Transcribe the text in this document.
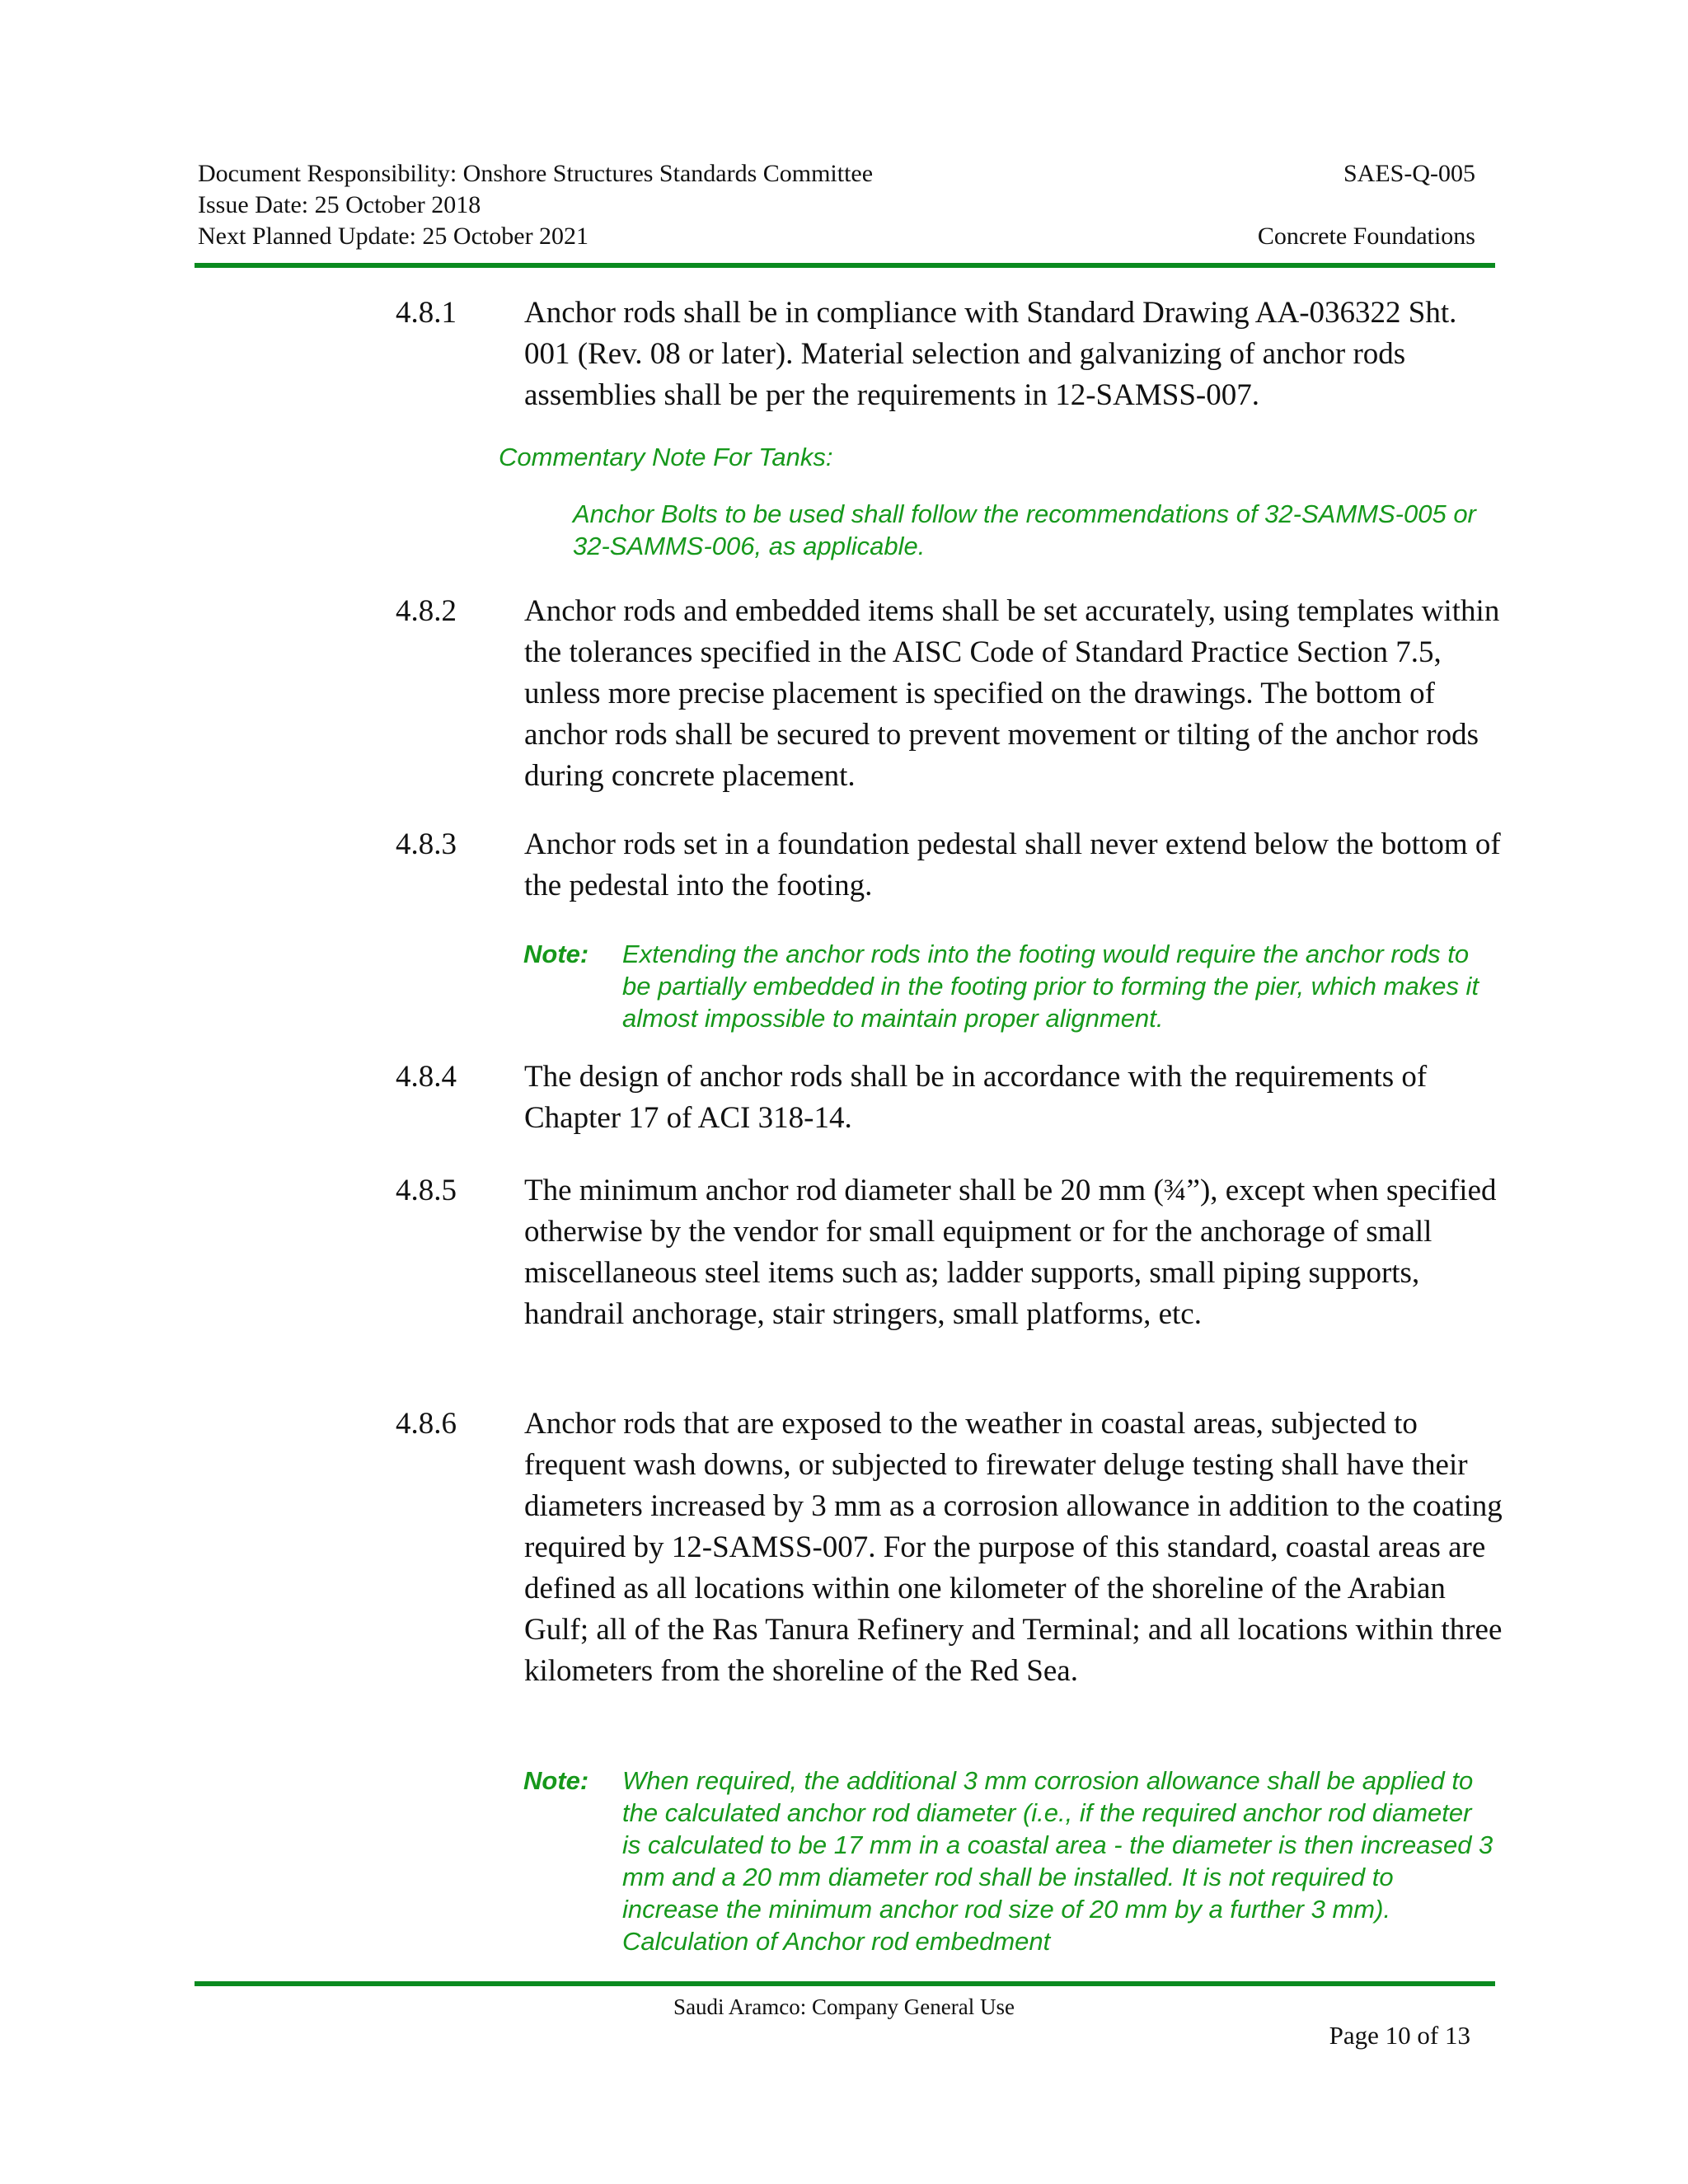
Document Responsibility: Onshore Structures Standards Committee	SAES-Q-005
Issue Date: 25 October 2018
Next Planned Update: 25 October 2021	Concrete Foundations
4.8.1 Anchor rods shall be in compliance with Standard Drawing AA-036322 Sht. 001 (Rev. 08 or later). Material selection and galvanizing of anchor rods assemblies shall be per the requirements in 12-SAMSS-007.
Commentary Note For Tanks:
Anchor Bolts to be used shall follow the recommendations of 32-SAMMS-005 or 32-SAMMS-006, as applicable.
4.8.2 Anchor rods and embedded items shall be set accurately, using templates within the tolerances specified in the AISC Code of Standard Practice Section 7.5, unless more precise placement is specified on the drawings. The bottom of anchor rods shall be secured to prevent movement or tilting of the anchor rods during concrete placement.
4.8.3 Anchor rods set in a foundation pedestal shall never extend below the bottom of the pedestal into the footing.
Note: Extending the anchor rods into the footing would require the anchor rods to be partially embedded in the footing prior to forming the pier, which makes it almost impossible to maintain proper alignment.
4.8.4 The design of anchor rods shall be in accordance with the requirements of Chapter 17 of ACI 318-14.
4.8.5 The minimum anchor rod diameter shall be 20 mm (¾”), except when specified otherwise by the vendor for small equipment or for the anchorage of small miscellaneous steel items such as; ladder supports, small piping supports, handrail anchorage, stair stringers, small platforms, etc.
4.8.6 Anchor rods that are exposed to the weather in coastal areas, subjected to frequent wash downs, or subjected to firewater deluge testing shall have their diameters increased by 3 mm as a corrosion allowance in addition to the coating required by 12-SAMSS-007. For the purpose of this standard, coastal areas are defined as all locations within one kilometer of the shoreline of the Arabian Gulf; all of the Ras Tanura Refinery and Terminal; and all locations within three kilometers from the shoreline of the Red Sea.
Note: When required, the additional 3 mm corrosion allowance shall be applied to the calculated anchor rod diameter (i.e., if the required anchor rod diameter is calculated to be 17 mm in a coastal area - the diameter is then increased 3 mm and a 20 mm diameter rod shall be installed. It is not required to increase the minimum anchor rod size of 20 mm by a further 3 mm). Calculation of Anchor rod embedment
Saudi Aramco: Company General Use
Page 10 of 13
